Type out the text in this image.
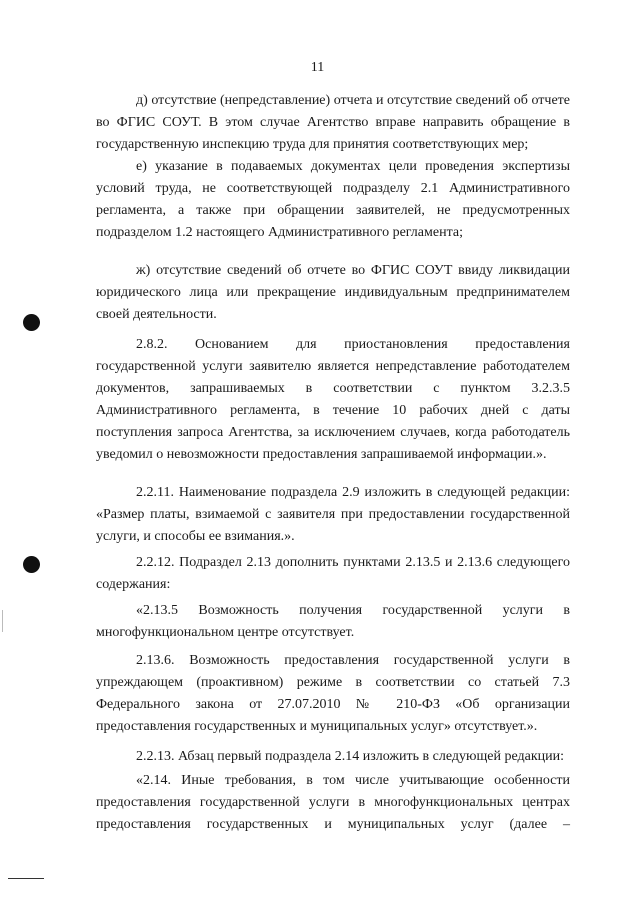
11

д) отсутствие (непредставление) отчета и отсутствие сведений об отчете во ФГИС СОУТ. В этом случае Агентство вправе направить обращение в государственную инспекцию труда для принятия соответствующих мер;

е) указание в подаваемых документах цели проведения экспертизы условий труда, не соответствующей подразделу 2.1 Административного регламента, а также при обращении заявителей, не предусмотренных подразделом 1.2 настоящего Административного регламента;

ж) отсутствие сведений об отчете во ФГИС СОУТ ввиду ликвидации юридического лица или прекращение индивидуальным предпринимателем своей деятельности.

2.8.2. Основанием для приостановления предоставления государственной услуги заявителю является непредставление работодателем документов, запрашиваемых в соответствии с пунктом 3.2.3.5 Административного регламента, в течение 10 рабочих дней с даты поступления запроса Агентства, за исключением случаев, когда работодатель уведомил о невозможности предоставления запрашиваемой информации.».

2.2.11. Наименование подраздела 2.9 изложить в следующей редакции: «Размер платы, взимаемой с заявителя при предоставлении государственной услуги, и способы ее взимания.».

2.2.12. Подраздел 2.13 дополнить пунктами 2.13.5 и 2.13.6 следующего содержания:

«2.13.5 Возможность получения государственной услуги в многофункциональном центре отсутствует.

2.13.6. Возможность предоставления государственной услуги в упреждающем (проактивном) режиме в соответствии со статьей 7.3 Федерального закона от 27.07.2010 № 210-ФЗ «Об организации предоставления государственных и муниципальных услуг» отсутствует.».

2.2.13. Абзац первый подраздела 2.14 изложить в следующей редакции:

«2.14. Иные требования, в том числе учитывающие особенности предоставления государственной услуги в многофункциональных центрах предоставления государственных и муниципальных услуг (далее –
